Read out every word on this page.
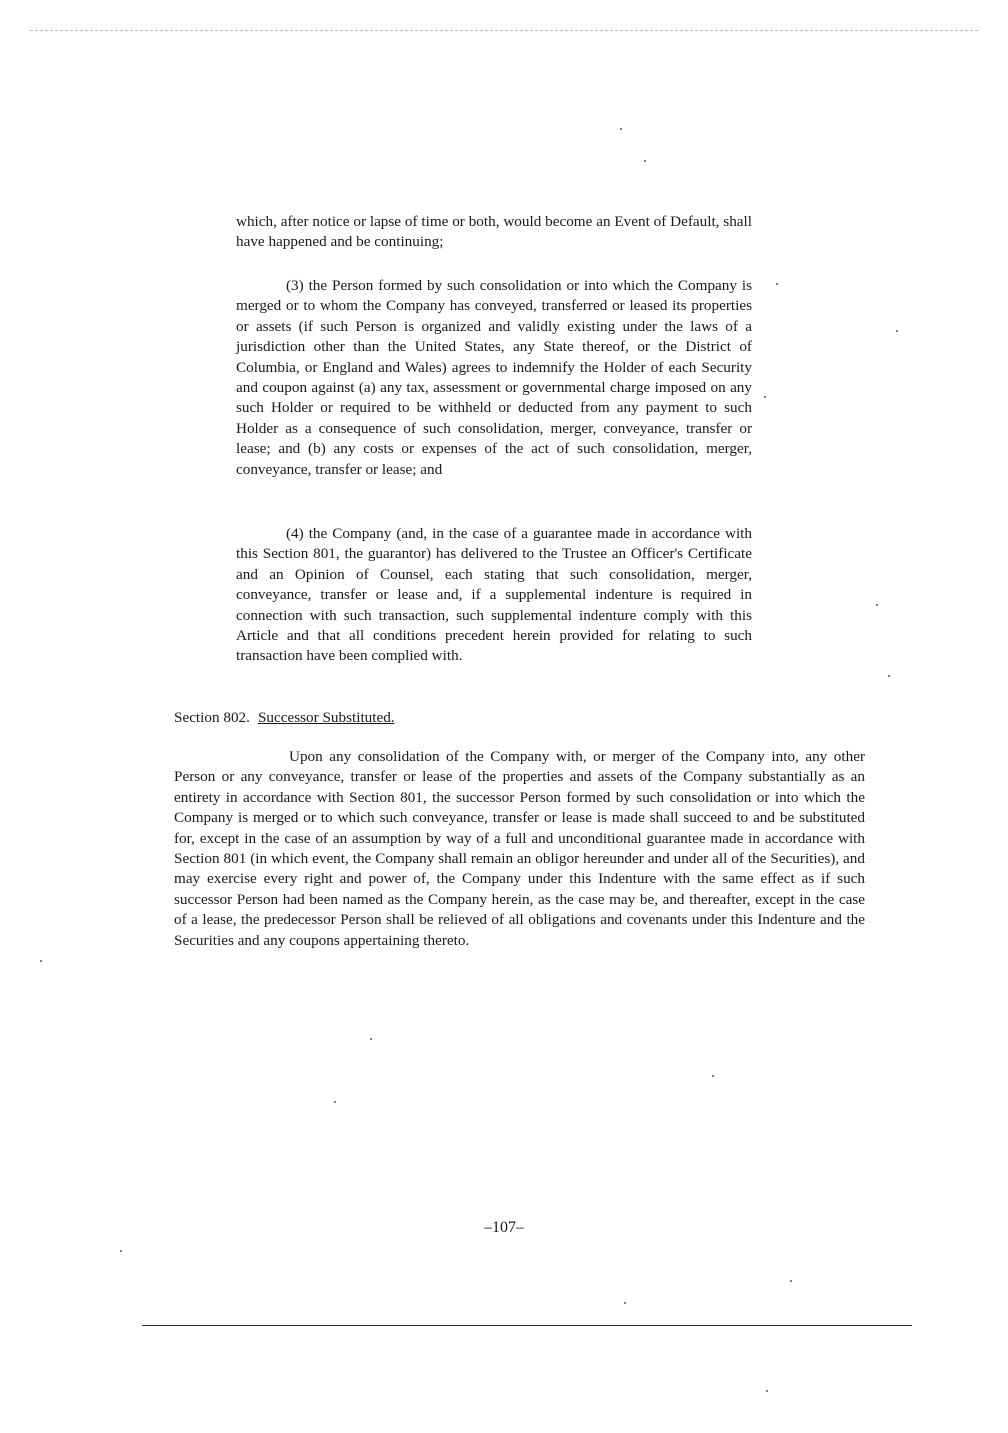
which, after notice or lapse of time or both, would become an Event of Default, shall have happened and be continuing;

(3) the Person formed by such consolidation or into which the Company is merged or to whom the Company has conveyed, transferred or leased its properties or assets (if such Person is organized and validly existing under the laws of a jurisdiction other than the United States, any State thereof, or the District of Columbia, or England and Wales) agrees to indemnify the Holder of each Security and coupon against (a) any tax, assessment or governmental charge imposed on any such Holder or required to be withheld or deducted from any payment to such Holder as a consequence of such consolidation, merger, conveyance, transfer or lease; and (b) any costs or expenses of the act of such consolidation, merger, conveyance, transfer or lease; and

(4) the Company (and, in the case of a guarantee made in accordance with this Section 801, the guarantor) has delivered to the Trustee an Officer's Certificate and an Opinion of Counsel, each stating that such consolidation, merger, conveyance, transfer or lease and, if a supplemental indenture is required in connection with such transaction, such supplemental indenture comply with this Article and that all conditions precedent herein provided for relating to such transaction have been complied with.

Section 802. Successor Substituted.

Upon any consolidation of the Company with, or merger of the Company into, any other Person or any conveyance, transfer or lease of the properties and assets of the Company substantially as an entirety in accordance with Section 801, the successor Person formed by such consolidation or into which the Company is merged or to which such conveyance, transfer or lease is made shall succeed to and be substituted for, except in the case of an assumption by way of a full and unconditional guarantee made in accordance with Section 801 (in which event, the Company shall remain an obligor hereunder and under all of the Securities), and may exercise every right and power of, the Company under this Indenture with the same effect as if such successor Person had been named as the Company herein, as the case may be, and thereafter, except in the case of a lease, the predecessor Person shall be relieved of all obligations and covenants under this Indenture and the Securities and any coupons appertaining thereto.

–107–
